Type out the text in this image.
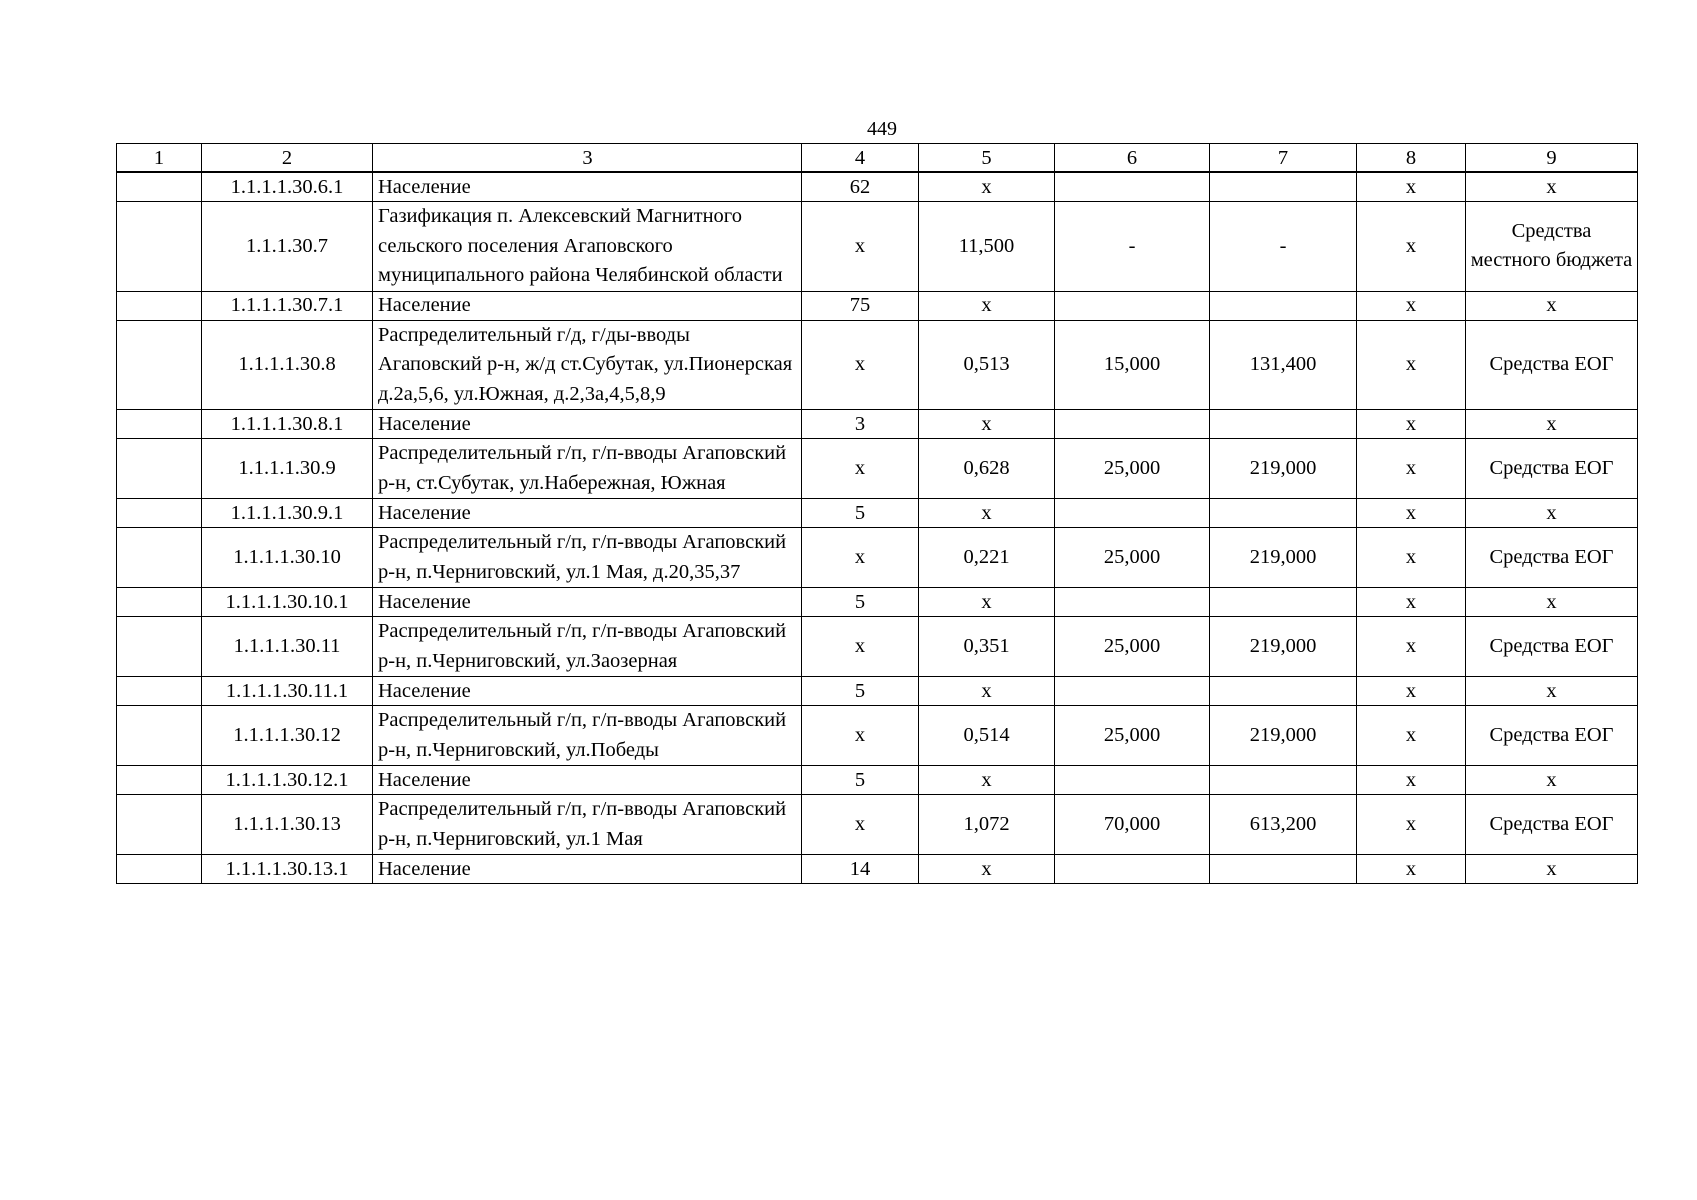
449
1	2	3	4	5	6	7	8	9
	1.1.1.1.30.6.1	Население	62	x			x	x
	1.1.1.30.7	Газификация п. Алексевский Магнитного сельского поселения Агаповского муниципального района Челябинской области	x	11,500	-	-	x	Средства местного бюджета
	1.1.1.1.30.7.1	Население	75	x			x	x
	1.1.1.1.30.8	Распределительный г/д, г/ды-вводы Агаповский р-н, ж/д ст.Субутак, ул.Пионерская д.2а,5,6, ул.Южная, д.2,3а,4,5,8,9	x	0,513	15,000	131,400	x	Средства ЕОГ
	1.1.1.1.30.8.1	Население	3	x			x	x
	1.1.1.1.30.9	Распределительный г/п, г/п-вводы Агаповский р-н, ст.Субутак, ул.Набережная, Южная	x	0,628	25,000	219,000	x	Средства ЕОГ
	1.1.1.1.30.9.1	Население	5	x			x	x
	1.1.1.1.30.10	Распределительный г/п, г/п-вводы Агаповский р-н, п.Черниговский, ул.1 Мая, д.20,35,37	x	0,221	25,000	219,000	x	Средства ЕОГ
	1.1.1.1.30.10.1	Население	5	x			x	x
	1.1.1.1.30.11	Распределительный г/п, г/п-вводы Агаповский р-н, п.Черниговский, ул.Заозерная	x	0,351	25,000	219,000	x	Средства ЕОГ
	1.1.1.1.30.11.1	Население	5	x			x	x
	1.1.1.1.30.12	Распределительный г/п, г/п-вводы Агаповский р-н, п.Черниговский, ул.Победы	x	0,514	25,000	219,000	x	Средства ЕОГ
	1.1.1.1.30.12.1	Население	5	x			x	x
	1.1.1.1.30.13	Распределительный г/п, г/п-вводы Агаповский р-н, п.Черниговский, ул.1 Мая	x	1,072	70,000	613,200	x	Средства ЕОГ
	1.1.1.1.30.13.1	Население	14	x			x	x
